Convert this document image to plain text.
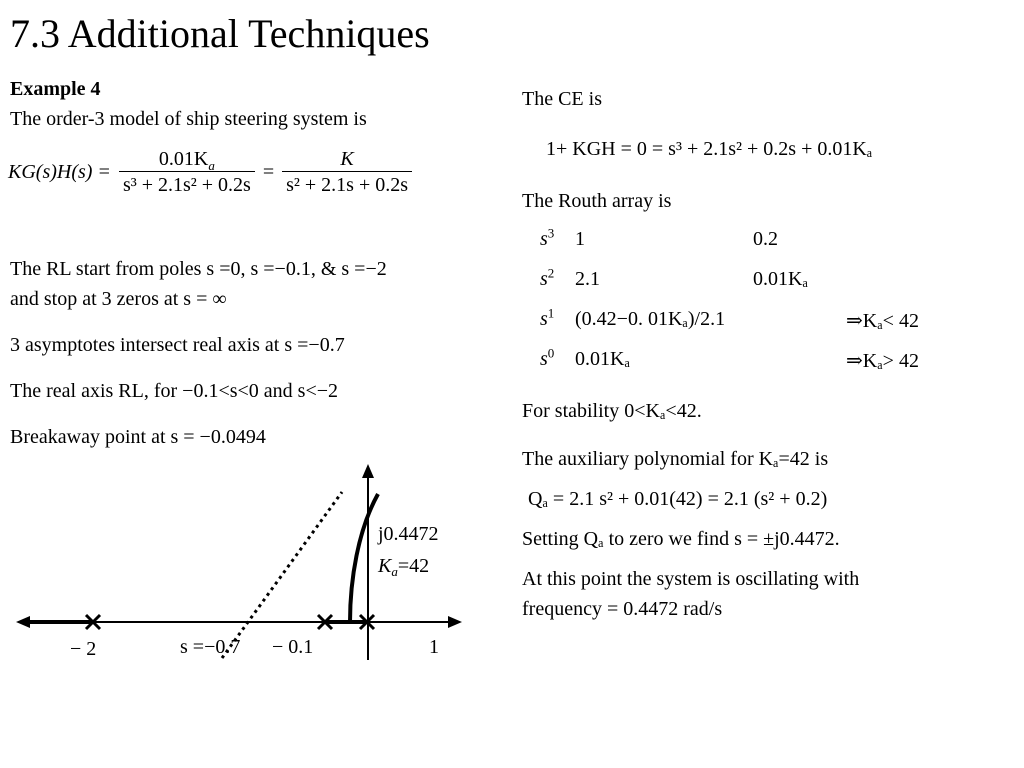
7.3 Additional Techniques
Example 4
The order-3 model of ship steering system is
$KG(s)H(s) = \frac{0.01K_a}{\text{s³ + 2.1s² + 0.2s}} = \frac{K}{\text{s² + 2.1s + 0.2s}}$
The RL start from poles s =0, s =−0.1, & s =−2
and stop at 3 zeros at s = ∞
3 asymptotes intersect real axis at s =−0.7
The real axis RL, for −0.1<s<0 and s<−2
Breakaway point at s = −0.0494
− 2	s =−0.7 − 0.1	1
j0.4472
$K_a=42$
The CE is
1+ KGH = 0 = s³ + 2.1s² + 0.2s + 0.01Kₐ
The Routh array is
$s^3$ 1	0.2
$s^2$ 2.1	0.01Kₐ
$s^1$ (0.42−0. 01Kₐ)/2.1	⇒Kₐ< 42
$s^0$ 0.01Kₐ	⇒Kₐ> 42
For stability 0<Kₐ<42.
The auxiliary polynomial for Kₐ=42 is
Qₐ = 2.1 s² + 0.01(42) = 2.1 (s² + 0.2)
Setting Qₐ to zero we find s = ±j0.4472.
At this point the system is oscillating with
frequency = 0.4472 rad/s
